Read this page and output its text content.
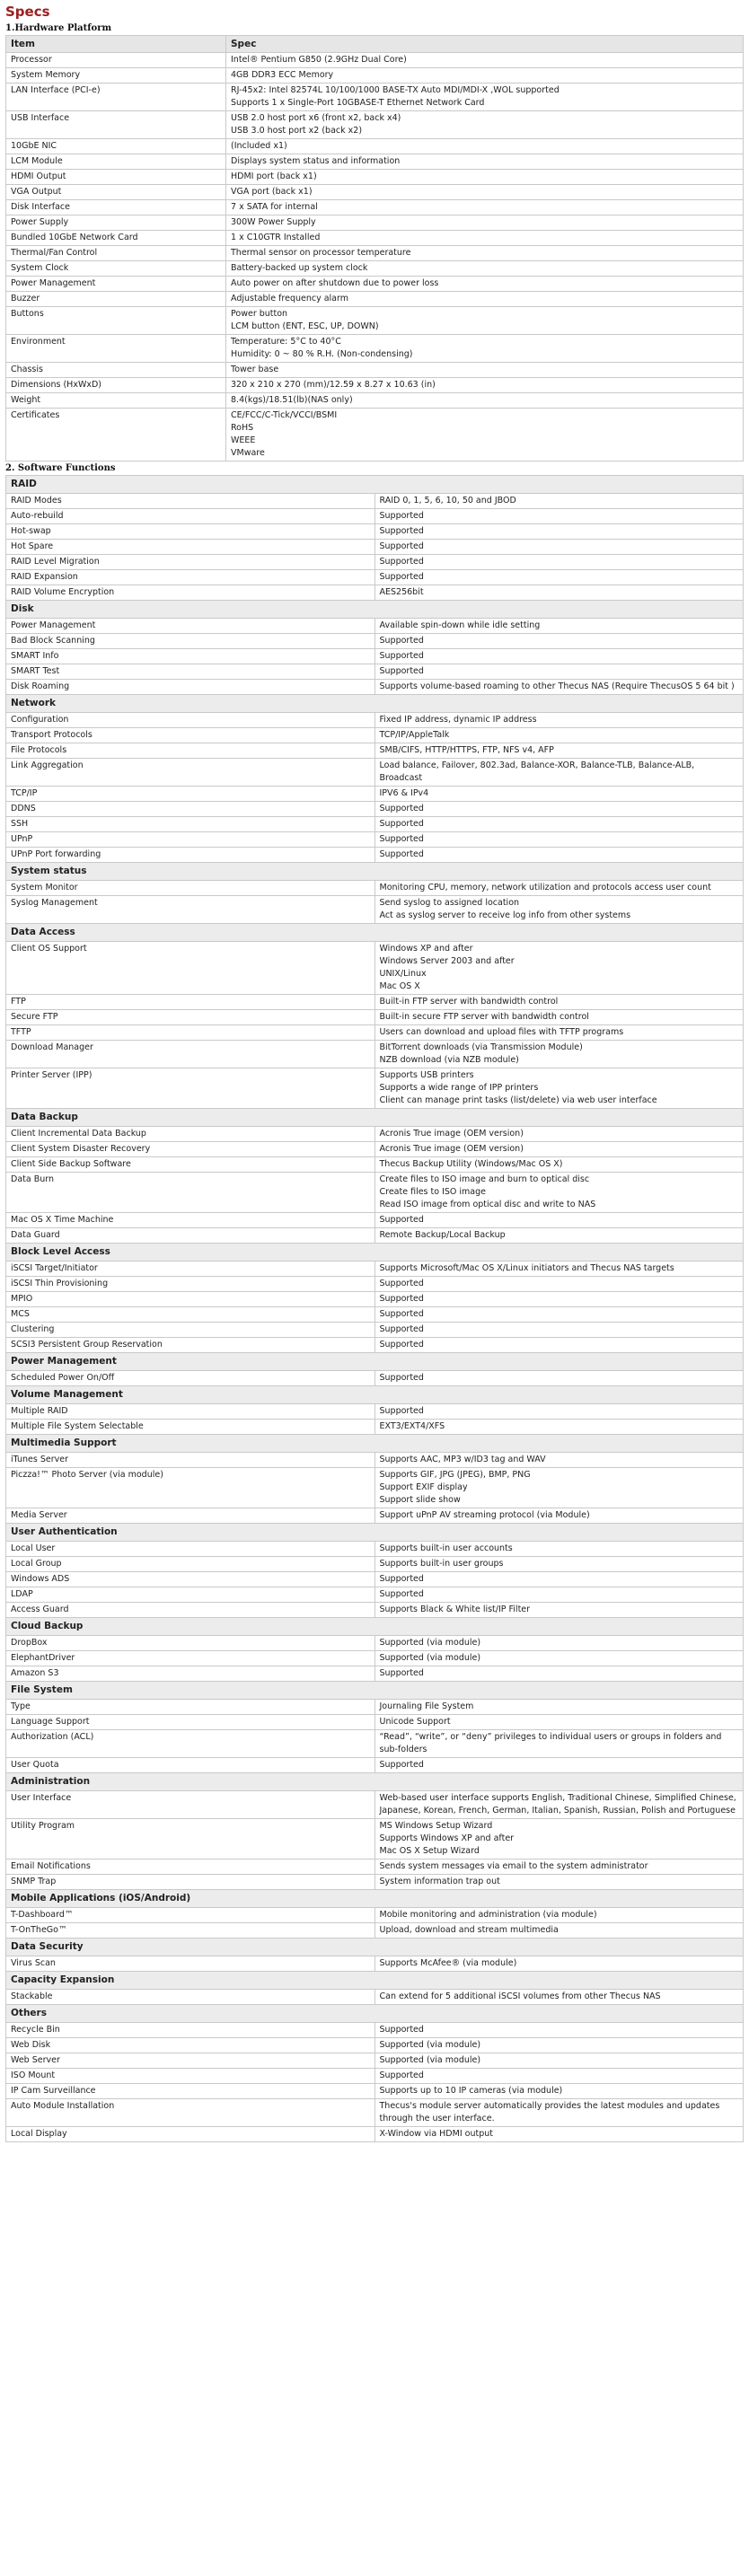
Specs
1.Hardware Platform
Item	Spec
Processor	Intel® Pentium G850 (2.9GHz Dual Core)

System Memory	4GB DDR3 ECC Memory

LAN Interface (PCI-e)	RJ-45x2: Intel 82574L 10/100/1000 BASE-TX Auto MDI/MDI-X ,WOL supported
Supports 1 x Single-Port 10GBASE-T Ethernet Network Card

USB Interface	USB 2.0 host port x6 (front x2, back x4)
USB 3.0 host port x2 (back x2)

10GbE NIC	(Included x1)

LCM Module	Displays system status and information

HDMI Output	HDMI port (back x1)

VGA Output	VGA port (back x1)

Disk Interface	7 x SATA for internal

Power Supply	300W Power Supply

Bundled 10GbE Network Card	1 x C10GTR Installed

Thermal/Fan Control	Thermal sensor on processor temperature

System Clock	Battery-backed up system clock

Power Management	Auto power on after shutdown due to power loss

Buzzer	Adjustable frequency alarm

Buttons	Power button
LCM button (ENT, ESC, UP, DOWN)

Environment	Temperature: 5°C to 40°C
Humidity: 0 ~ 80 % R.H. (Non-condensing)

Chassis	Tower base

Dimensions (HxWxD)	320 x 210 x 270 (mm)/12.59 x 8.27 x 10.63 (in)

Weight	8.4(kgs)/18.51(lb)(NAS only)

Certificates	CE/FCC/C-Tick/VCCI/BSMI
RoHS
WEEE
VMware
2. Software Functions
RAID	
RAID Modes	RAID 0, 1, 5, 6, 10, 50 and JBOD

Auto-rebuild	Supported

Hot-swap	Supported

Hot Spare	Supported

RAID Level Migration	Supported

RAID Expansion	Supported

RAID Volume Encryption	AES256bit

Disk	
Power Management	Available spin-down while idle setting

Bad Block Scanning	Supported

SMART Info	Supported

SMART Test	Supported

Disk Roaming	Supports volume-based roaming to other Thecus NAS (Require ThecusOS 5 64 bit )

Network	
Configuration	Fixed IP address, dynamic IP address

Transport Protocols	TCP/IP/AppleTalk

File Protocols	SMB/CIFS, HTTP/HTTPS, FTP, NFS v4, AFP

Link Aggregation	Load balance, Failover, 802.3ad, Balance-XOR, Balance-TLB, Balance-ALB, Broadcast

TCP/IP	IPV6 & IPv4

DDNS	Supported

SSH	Supported

UPnP	Supported

UPnP Port forwarding	Supported

System status	
System Monitor	Monitoring CPU, memory, network utilization and protocols access user count

Syslog Management	Send syslog to assigned location
Act as syslog server to receive log info from other systems

Data Access	
Client OS Support	Windows XP and after
Windows Server 2003 and after
UNIX/Linux
Mac OS X

FTP	Built-in FTP server with bandwidth control

Secure FTP	Built-in secure FTP server with bandwidth control

TFTP	Users can download and upload files with TFTP programs

Download Manager	BitTorrent downloads (via Transmission Module)
NZB download (via NZB module)

Printer Server (IPP)	Supports USB printers
Supports a wide range of IPP printers
Client can manage print tasks (list/delete) via web user interface

Data Backup	
Client Incremental Data Backup	Acronis True image (OEM version)

Client System Disaster Recovery	Acronis True image (OEM version)

Client Side Backup Software	Thecus Backup Utility (Windows/Mac OS X)

Data Burn	Create files to ISO image and burn to optical disc
Create files to ISO image
Read ISO image from optical disc and write to NAS

Mac OS X Time Machine	Supported

Data Guard	Remote Backup/Local Backup

Block Level Access	
iSCSI Target/Initiator	Supports Microsoft/Mac OS X/Linux initiators and Thecus NAS targets

iSCSI Thin Provisioning	Supported

MPIO	Supported

MCS	Supported

Clustering	Supported

SCSI3 Persistent Group Reservation	Supported

Power Management	
Scheduled Power On/Off	Supported

Volume Management	
Multiple RAID	Supported

Multiple File System Selectable	EXT3/EXT4/XFS

Multimedia Support	
iTunes Server	Supports AAC, MP3 w/ID3 tag and WAV

Piczza!™ Photo Server (via module)	Supports GIF, JPG (JPEG), BMP, PNG
Support EXIF display
Support slide show

Media Server	Support uPnP AV streaming protocol (via Module)

User Authentication	
Local User	Supports built-in user accounts

Local Group	Supports built-in user groups

Windows ADS	Supported

LDAP	Supported

Access Guard	Supports Black & White list/IP Filter

Cloud Backup	
DropBox	Supported (via module)

ElephantDriver	Supported (via module)

Amazon S3	Supported

File System	
Type	Journaling File System

Language Support	Unicode Support

Authorization (ACL)	“Read”, “write”, or “deny” privileges to individual users or groups in folders and sub-folders

User Quota	Supported

Administration	
User Interface	Web-based user interface supports English, Traditional Chinese, Simplified Chinese, Japanese, Korean, French, German, Italian, Spanish, Russian, Polish and Portuguese

Utility Program	MS Windows Setup Wizard
Supports Windows XP and after
Mac OS X Setup Wizard

Email Notifications	Sends system messages via email to the system administrator

SNMP Trap	System information trap out

Mobile Applications (iOS/Android)	
T-Dashboard™	Mobile monitoring and administration (via module)

T-OnTheGo™	Upload, download and stream multimedia

Data Security	
Virus Scan	Supports McAfee® (via module)

Capacity Expansion	
Stackable	Can extend for 5 additional iSCSI volumes from other Thecus NAS

Others	
Recycle Bin	Supported

Web Disk	Supported (via module)

Web Server	Supported (via module)

ISO Mount	Supported

IP Cam Surveillance	Supports up to 10 IP cameras (via module)

Auto Module Installation	Thecus's module server automatically provides the latest modules and updates through the user interface.

Local Display	X-Window via HDMI output
